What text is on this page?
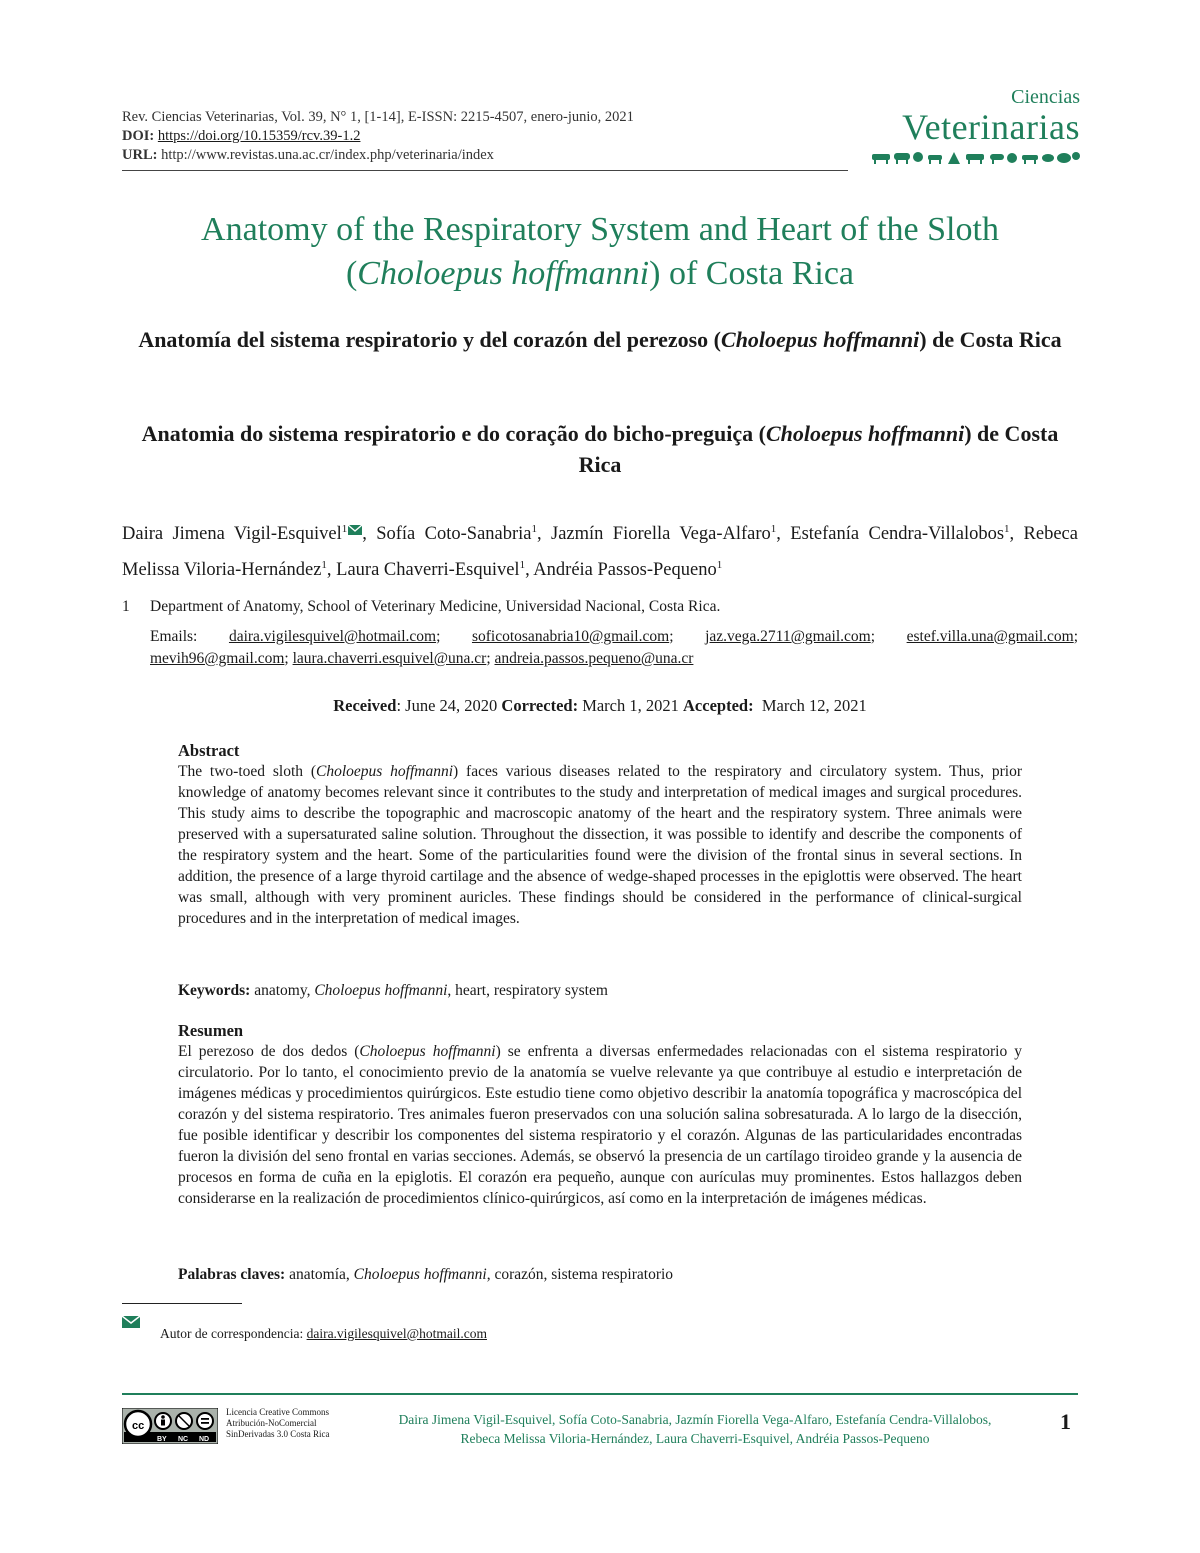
Rev. Ciencias Veterinarias, Vol. 39, N° 1, [1-14], E-ISSN: 2215-4507, enero-junio, 2021
DOI: https://doi.org/10.15359/rcv.39-1.2
URL: http://www.revistas.una.ac.cr/index.php/veterinaria/index
Ciencias
Veterinarias
Anatomy of the Respiratory System and Heart of the Sloth
(Choloepus hoffmanni) of Costa Rica
Anatomía del sistema respiratorio y del corazón del perezoso (Choloepus hoffmanni) de Costa Rica
Anatomia do sistema respiratorio e do coração do bicho-preguiça (Choloepus hoffmanni) de Costa Rica
Daira Jimena Vigil-Esquivel$^1$ , Sofía Coto-Sanabria$^1$, Jazmín Fiorella Vega-Alfaro$^1$, Estefanía Cendra-Villalobos$^1$, Rebeca Melissa Viloria-Hernández$^1$, Laura Chaverri-Esquivel$^1$, Andréia Passos-Pequeno$^1$
1 Department of Anatomy, School of Veterinary Medicine, Universidad Nacional, Costa Rica.
Emails: daira.vigilesquivel@hotmail.com; soficotosanabria10@gmail.com; jaz.vega.2711@gmail.com; estef.villa.una@gmail.com; mevih96@gmail.com; laura.chaverri.esquivel@una.cr; andreia.passos.pequeno@una.cr
Received: June 24, 2020 Corrected: March 1, 2021 Accepted: March 12, 2021
Abstract

The two-toed sloth (Choloepus hoffmanni) faces various diseases related to the respiratory and circulatory system. Thus, prior knowledge of anatomy becomes relevant since it contributes to the study and interpretation of medical images and surgical procedures. This study aims to describe the topographic and macroscopic anatomy of the heart and the respiratory system. Three animals were preserved with a supersaturated saline solution. Throughout the dissection, it was possible to identify and describe the components of the respiratory system and the heart. Some of the particularities found were the division of the frontal sinus in several sections. In addition, the presence of a large thyroid cartilage and the absence of wedge-shaped processes in the epiglottis were observed. The heart was small, although with very prominent auricles. These findings should be considered in the performance of clinical-surgical procedures and in the interpretation of medical images.

Keywords: anatomy, Choloepus hoffmanni, heart, respiratory system

Resumen

El perezoso de dos dedos (Choloepus hoffmanni) se enfrenta a diversas enfermedades relacionadas con el sistema respiratorio y circulatorio. Por lo tanto, el conocimiento previo de la anatomía se vuelve relevante ya que contribuye al estudio e interpretación de imágenes médicas y procedimientos quirúrgicos. Este estudio tiene como objetivo describir la anatomía topográfica y macroscópica del corazón y del sistema respiratorio. Tres animales fueron preservados con una solución salina sobresaturada. A lo largo de la disección, fue posible identificar y describir los componentes del sistema respiratorio y el corazón. Algunas de las particularidades encontradas fueron la división del seno frontal en varias secciones. Además, se observó la presencia de un cartílago tiroideo grande y la ausencia de procesos en forma de cuña en la epiglotis. El corazón era pequeño, aunque con aurículas muy prominentes. Estos hallazgos deben considerarse en la realización de procedimientos clínico-quirúrgicos, así como en la interpretación de imágenes médicas.

Palabras claves: anatomía, Choloepus hoffmanni, corazón, sistema respiratorio

Autor de correspondencia: daira.vigilesquivel@hotmail.com
cc
BY NC ND
Licencia Creative Commons
Atribución-NoComercial
SinDerivadas 3.0 Costa Rica
Daira Jimena Vigil-Esquivel, Sofía Coto-Sanabria, Jazmín Fiorella Vega-Alfaro, Estefanía Cendra-Villalobos,
Rebeca Melissa Viloria-Hernández, Laura Chaverri-Esquivel, Andréia Passos-Pequeno
1
